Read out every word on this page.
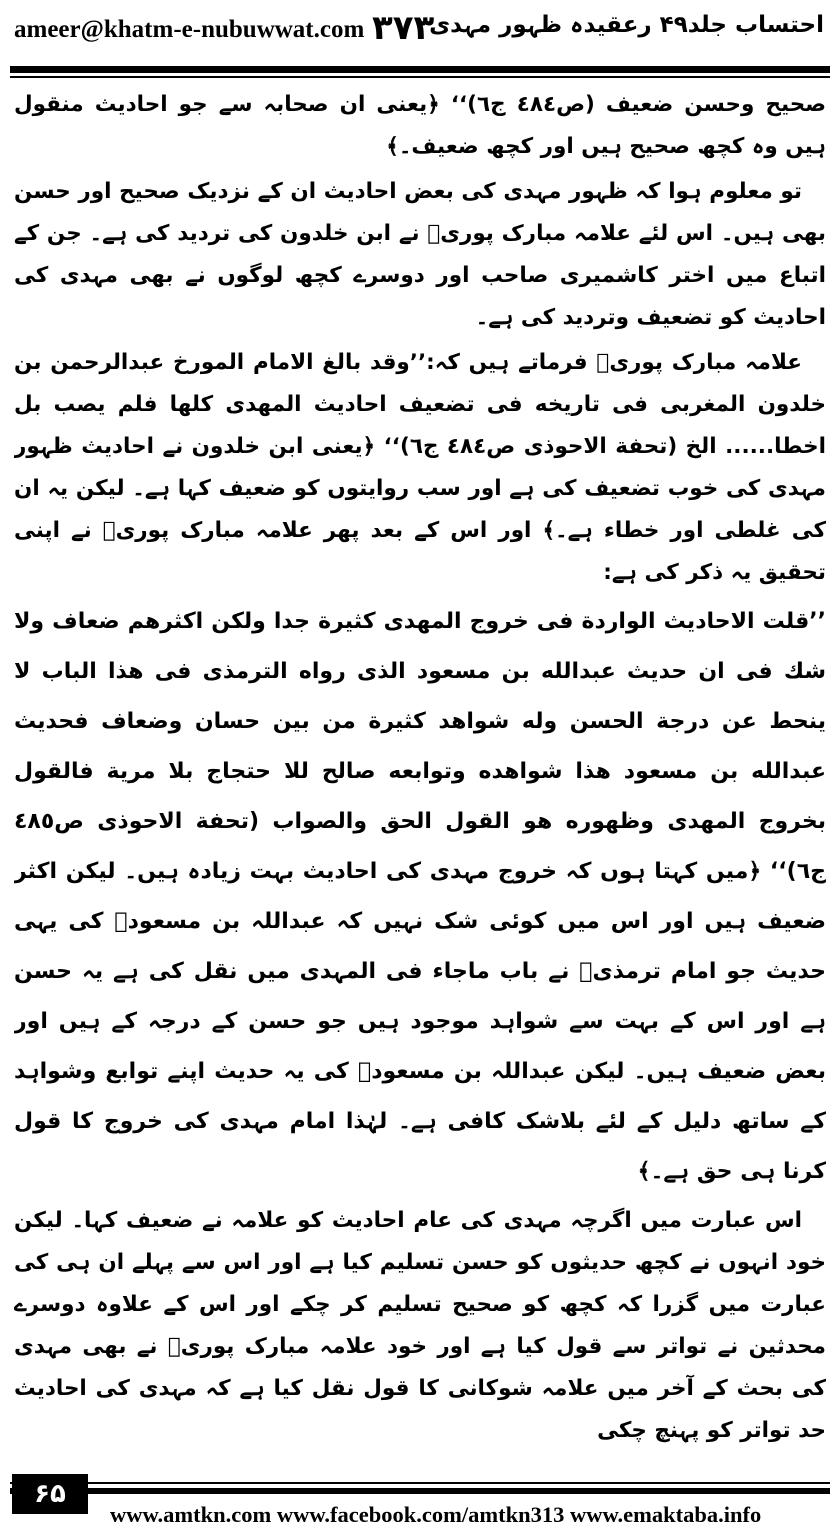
ameer@khatm-e-nubuwwat.com ۳۷۳
احتساب جلد۴۹ رعقیدہ ظہور مہدی

صحیح وحسن ضعیف (ص٤٨٤ ج٦)‘‘ ﴿یعنی ان صحابہ سے جو احادیث منقول ہیں وہ کچھ صحیح ہیں اور کچھ ضعیف۔﴾

تو معلوم ہوا کہ ظہور مہدی کی بعض احادیث ان کے نزدیک صحیح اور حسن بھی ہیں۔ اس لئے علامہ مبارک پوریؒ نے ابن خلدون کی تردید کی ہے۔ جن کے اتباع میں اختر کاشمیری صاحب اور دوسرے کچھ لوگوں نے بھی مہدی کی احادیث کو تضعیف وتردید کی ہے۔

علامہ مبارک پوریؒ فرماتے ہیں کہ:’’وقد بالغ الامام المورخ عبدالرحمن بن خلدون المغربی فی تاریخه فی تضعیف احادیث المهدی کلها فلم یصب بل اخطا...... الخ (تحفة الاحوذی ص٤٨٤ ج٦)‘‘ ﴿یعنی ابن خلدون نے احادیث ظہور مہدی کی خوب تضعیف کی ہے اور سب روایتوں کو ضعیف کہا ہے۔ لیکن یہ ان کی غلطی اور خطاء ہے۔﴾ اور اس کے بعد پھر علامہ مبارک پوریؒ نے اپنی تحقیق یہ ذکر کی ہے:

’’قلت الاحادیث الواردة فی خروج المهدی کثیرة جدا ولکن اکثرهم ضعاف ولا شك فی ان حدیث عبدالله بن مسعود الذی رواه الترمذی فی هذا الباب لا ینحط عن درجة الحسن وله شواهد کثیرة من بین حسان وضعاف فحدیث عبدالله بن مسعود هذا شواهده وتوابعه صالح للا حتجاج بلا مرية فالقول بخروج المهدی وظهوره هو القول الحق والصواب (تحفة الاحوذی ص٤٨٥ ج٦)‘‘ ﴿میں کہتا ہوں کہ خروج مہدی کی احادیث بہت زیادہ ہیں۔ لیکن اکثر ضعیف ہیں اور اس میں کوئی شک نہیں کہ عبداللہ بن مسعودؓ کی یہی حدیث جو امام ترمذیؒ نے باب ماجاء فی المہدی میں نقل کی ہے یہ حسن ہے اور اس کے بہت سے شواہد موجود ہیں جو حسن کے درجہ کے ہیں اور بعض ضعیف ہیں۔ لیکن عبداللہ بن مسعودؓ کی یہ حدیث اپنے توابع وشواہد کے ساتھ دلیل کے لئے بلاشک کافی ہے۔ لہٰذا امام مہدی کی خروج کا قول کرنا ہی حق ہے۔﴾

اس عبارت میں اگرچہ مہدی کی عام احادیث کو علامہ نے ضعیف کہا۔ لیکن خود انہوں نے کچھ حدیثوں کو حسن تسلیم کیا ہے اور اس سے پہلے ان ہی کی عبارت میں گزرا کہ کچھ کو صحیح تسلیم کر چکے اور اس کے علاوہ دوسرے محدثین نے تواتر سے قول کیا ہے اور خود علامہ مبارک پوریؒ نے بھی مہدی کی بحث کے آخر میں علامہ شوکانی کا قول نقل کیا ہے کہ مہدی کی احادیث حد تواتر کو پہنچ چکی

۶۵
www.amtkn.com www.facebook.com/amtkn313 www.emaktaba.info
